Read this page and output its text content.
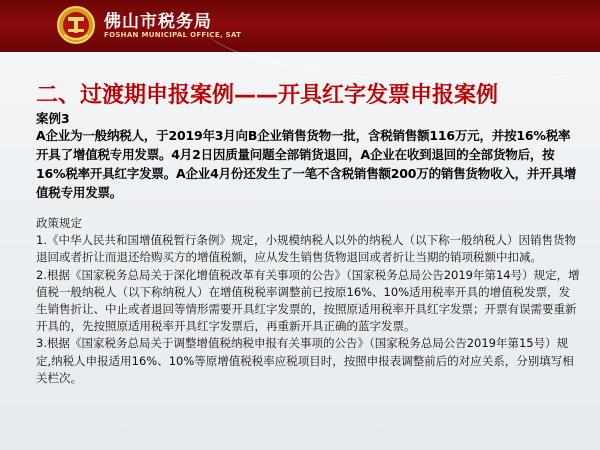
佛山市税务局
FOSHAN MUNICIPAL OFFICE, SAT
二、过渡期申报案例——开具红字发票申报案例
案例3
A企业为一般纳税人，于2019年3月向B企业销售货物一批，含税销售额116万元，并按16%税率开具了增值税专用发票。4月2日因质量问题全部销货退回，A企业在收到退回的全部货物后，按16%税率开具红字发票。A企业4月份还发生了一笔不含税销售额200万的销售货物收入，并开具增值税专用发票。

政策规定

1.《中华人民共和国增值税暂行条例》规定，小规模纳税人以外的纳税人（以下称一般纳税人）因销售货物退回或者折让而退还给购买方的增值税额，应从发生销售货物退回或者折让当期的销项税额中扣减。

2.根据《国家税务总局关于深化增值税改革有关事项的公告》（国家税务总局公告2019年第14号）规定，增值税一般纳税人（以下称纳税人）在增值税税率调整前已按原16%、10%适用税率开具的增值税发票，发生销售折让、中止或者退回等情形需要开具红字发票的，按照原适用税率开具红字发票；开票有误需要重新开具的，先按照原适用税率开具红字发票后，再重新开具正确的蓝字发票。

3.根据《国家税务总局关于调整增值税纳税申报有关事项的公告》（国家税务总局公告2019年第15号）规定,纳税人申报适用16%、10%等原增值税税率应税项目时，按照申报表调整前后的对应关系，分别填写相关栏次。
